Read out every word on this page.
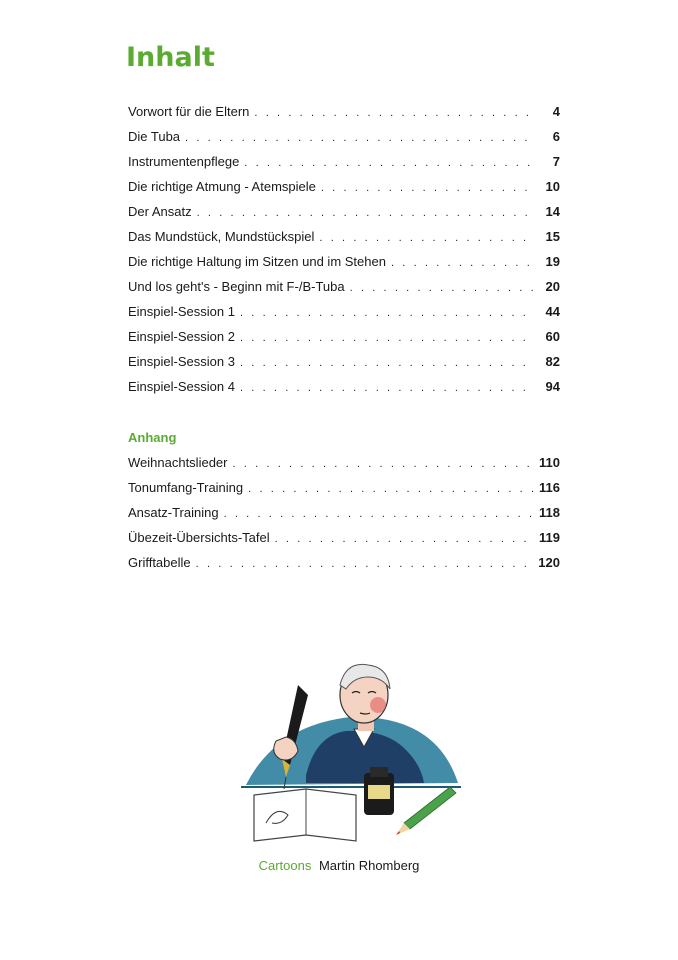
Inhalt
Vorwort für die Eltern . . .	4
Die Tuba . . .	6
Instrumentenpflege . . .	7
Die richtige Atmung - Atemspiele . . .	10
Der Ansatz . . .	14
Das Mundstück, Mundstückspiel . . .	15
Die richtige Haltung im Sitzen und im Stehen . . .	19
Und los geht's - Beginn mit F-/B-Tuba . . .	20
Einspiel-Session 1 . . .	44
Einspiel-Session 2 . . .	60
Einspiel-Session 3 . . .	82
Einspiel-Session 4 . . .	94
Anhang
Weihnachtslieder . . .	110
Tonumfang-Training . . .	116
Ansatz-Training . . .	118
Übezeit-Übersichts-Tafel . . .	119
Grifftabelle . . .	120
Cartoons Martin Rhomberg
